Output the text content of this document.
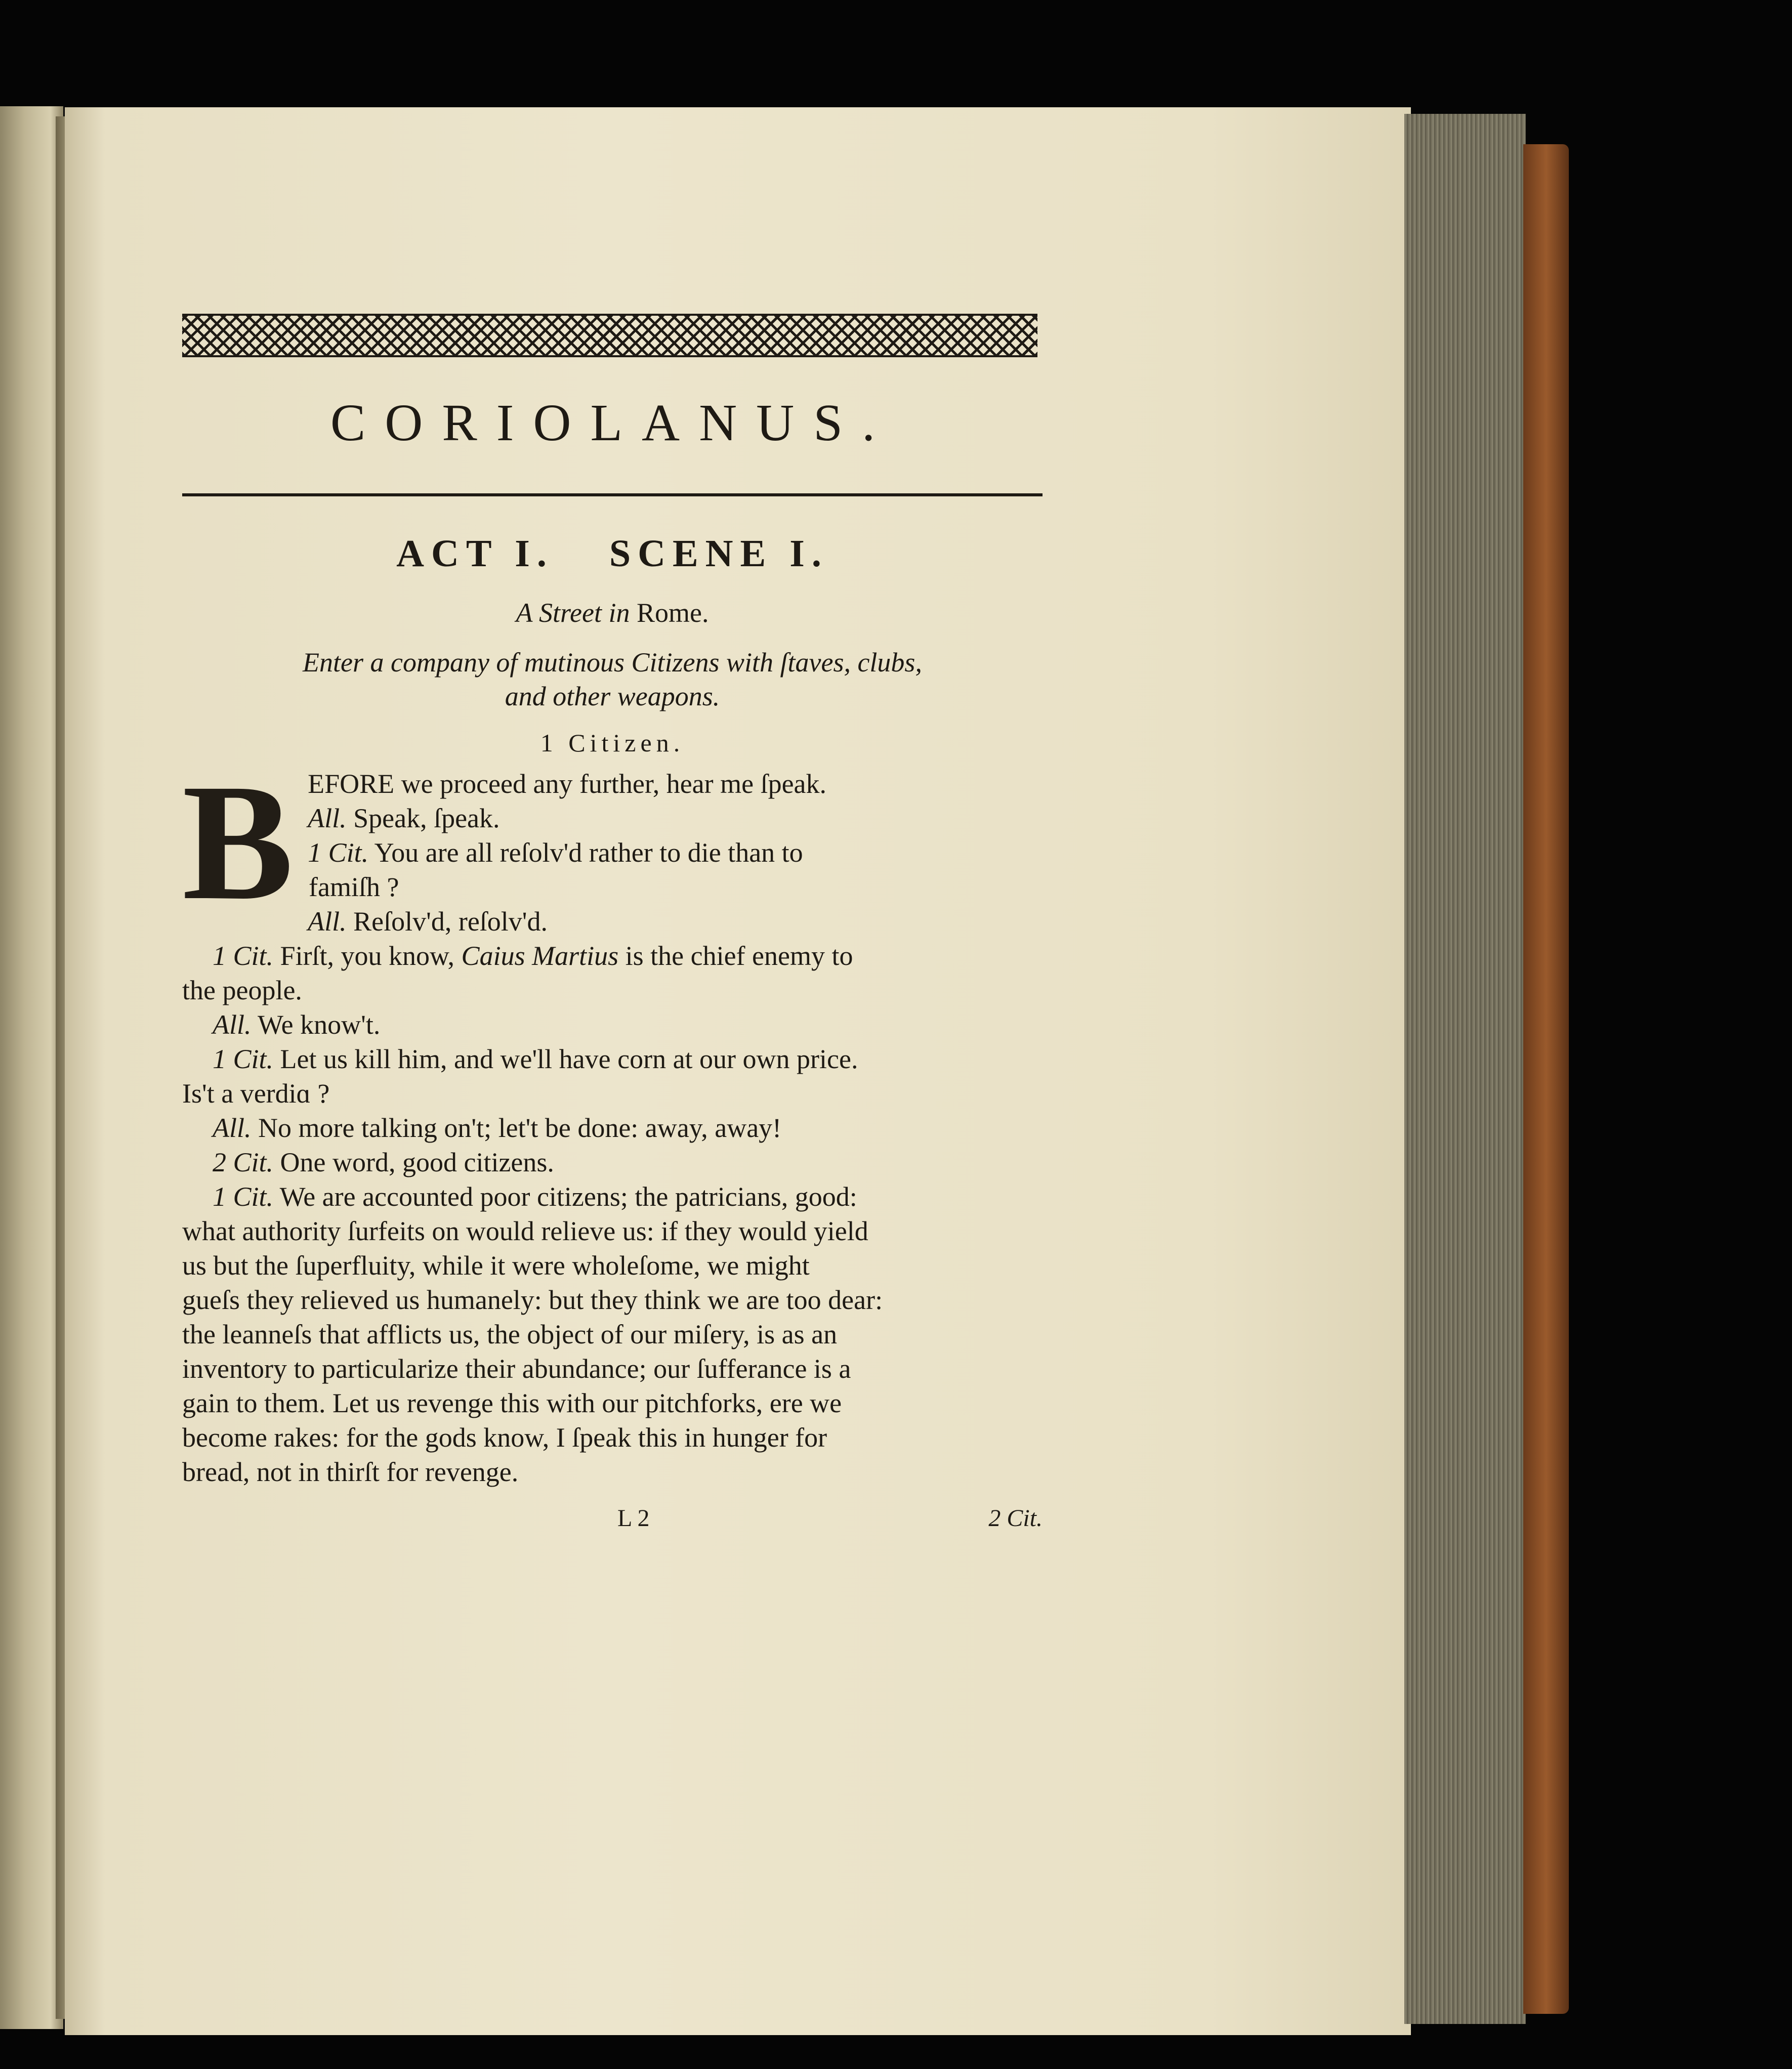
CORIOLANUS.
ACT I. SCENE I.
A Street in Rome.
Enter a company of mutinous Citizens with ſtaves, clubs,
and other weapons.
1 Citizen.
B EFORE we proceed any further, hear me ſpeak.
All. Speak, ſpeak.
1 Cit. You are all reſolv'd rather to die than to
famiſh ?
All. Reſolv'd, reſolv'd.
1 Cit. Firſt, you know, Caius Martius is the chief enemy to
the people.
All. We know't.
1 Cit. Let us kill him, and we'll have corn at our own price.
Is't a verdiɑ ?
All. No more talking on't; let't be done: away, away!
2 Cit. One word, good citizens.
1 Cit. We are accounted poor citizens; the patricians, good:
what authority ſurfeits on would relieve us: if they would yield
us but the ſuperfluity, while it were wholeſome, we might
gueſs they relieved us humanely: but they think we are too dear:
the leanneſs that afflicts us, the object of our miſery, is as an
inventory to particularize their abundance; our ſufferance is a
gain to them. Let us revenge this with our pitchforks, ere we
become rakes: for the gods know, I ſpeak this in hunger for
bread, not in thirſt for revenge.
L 2	2 Cit.
